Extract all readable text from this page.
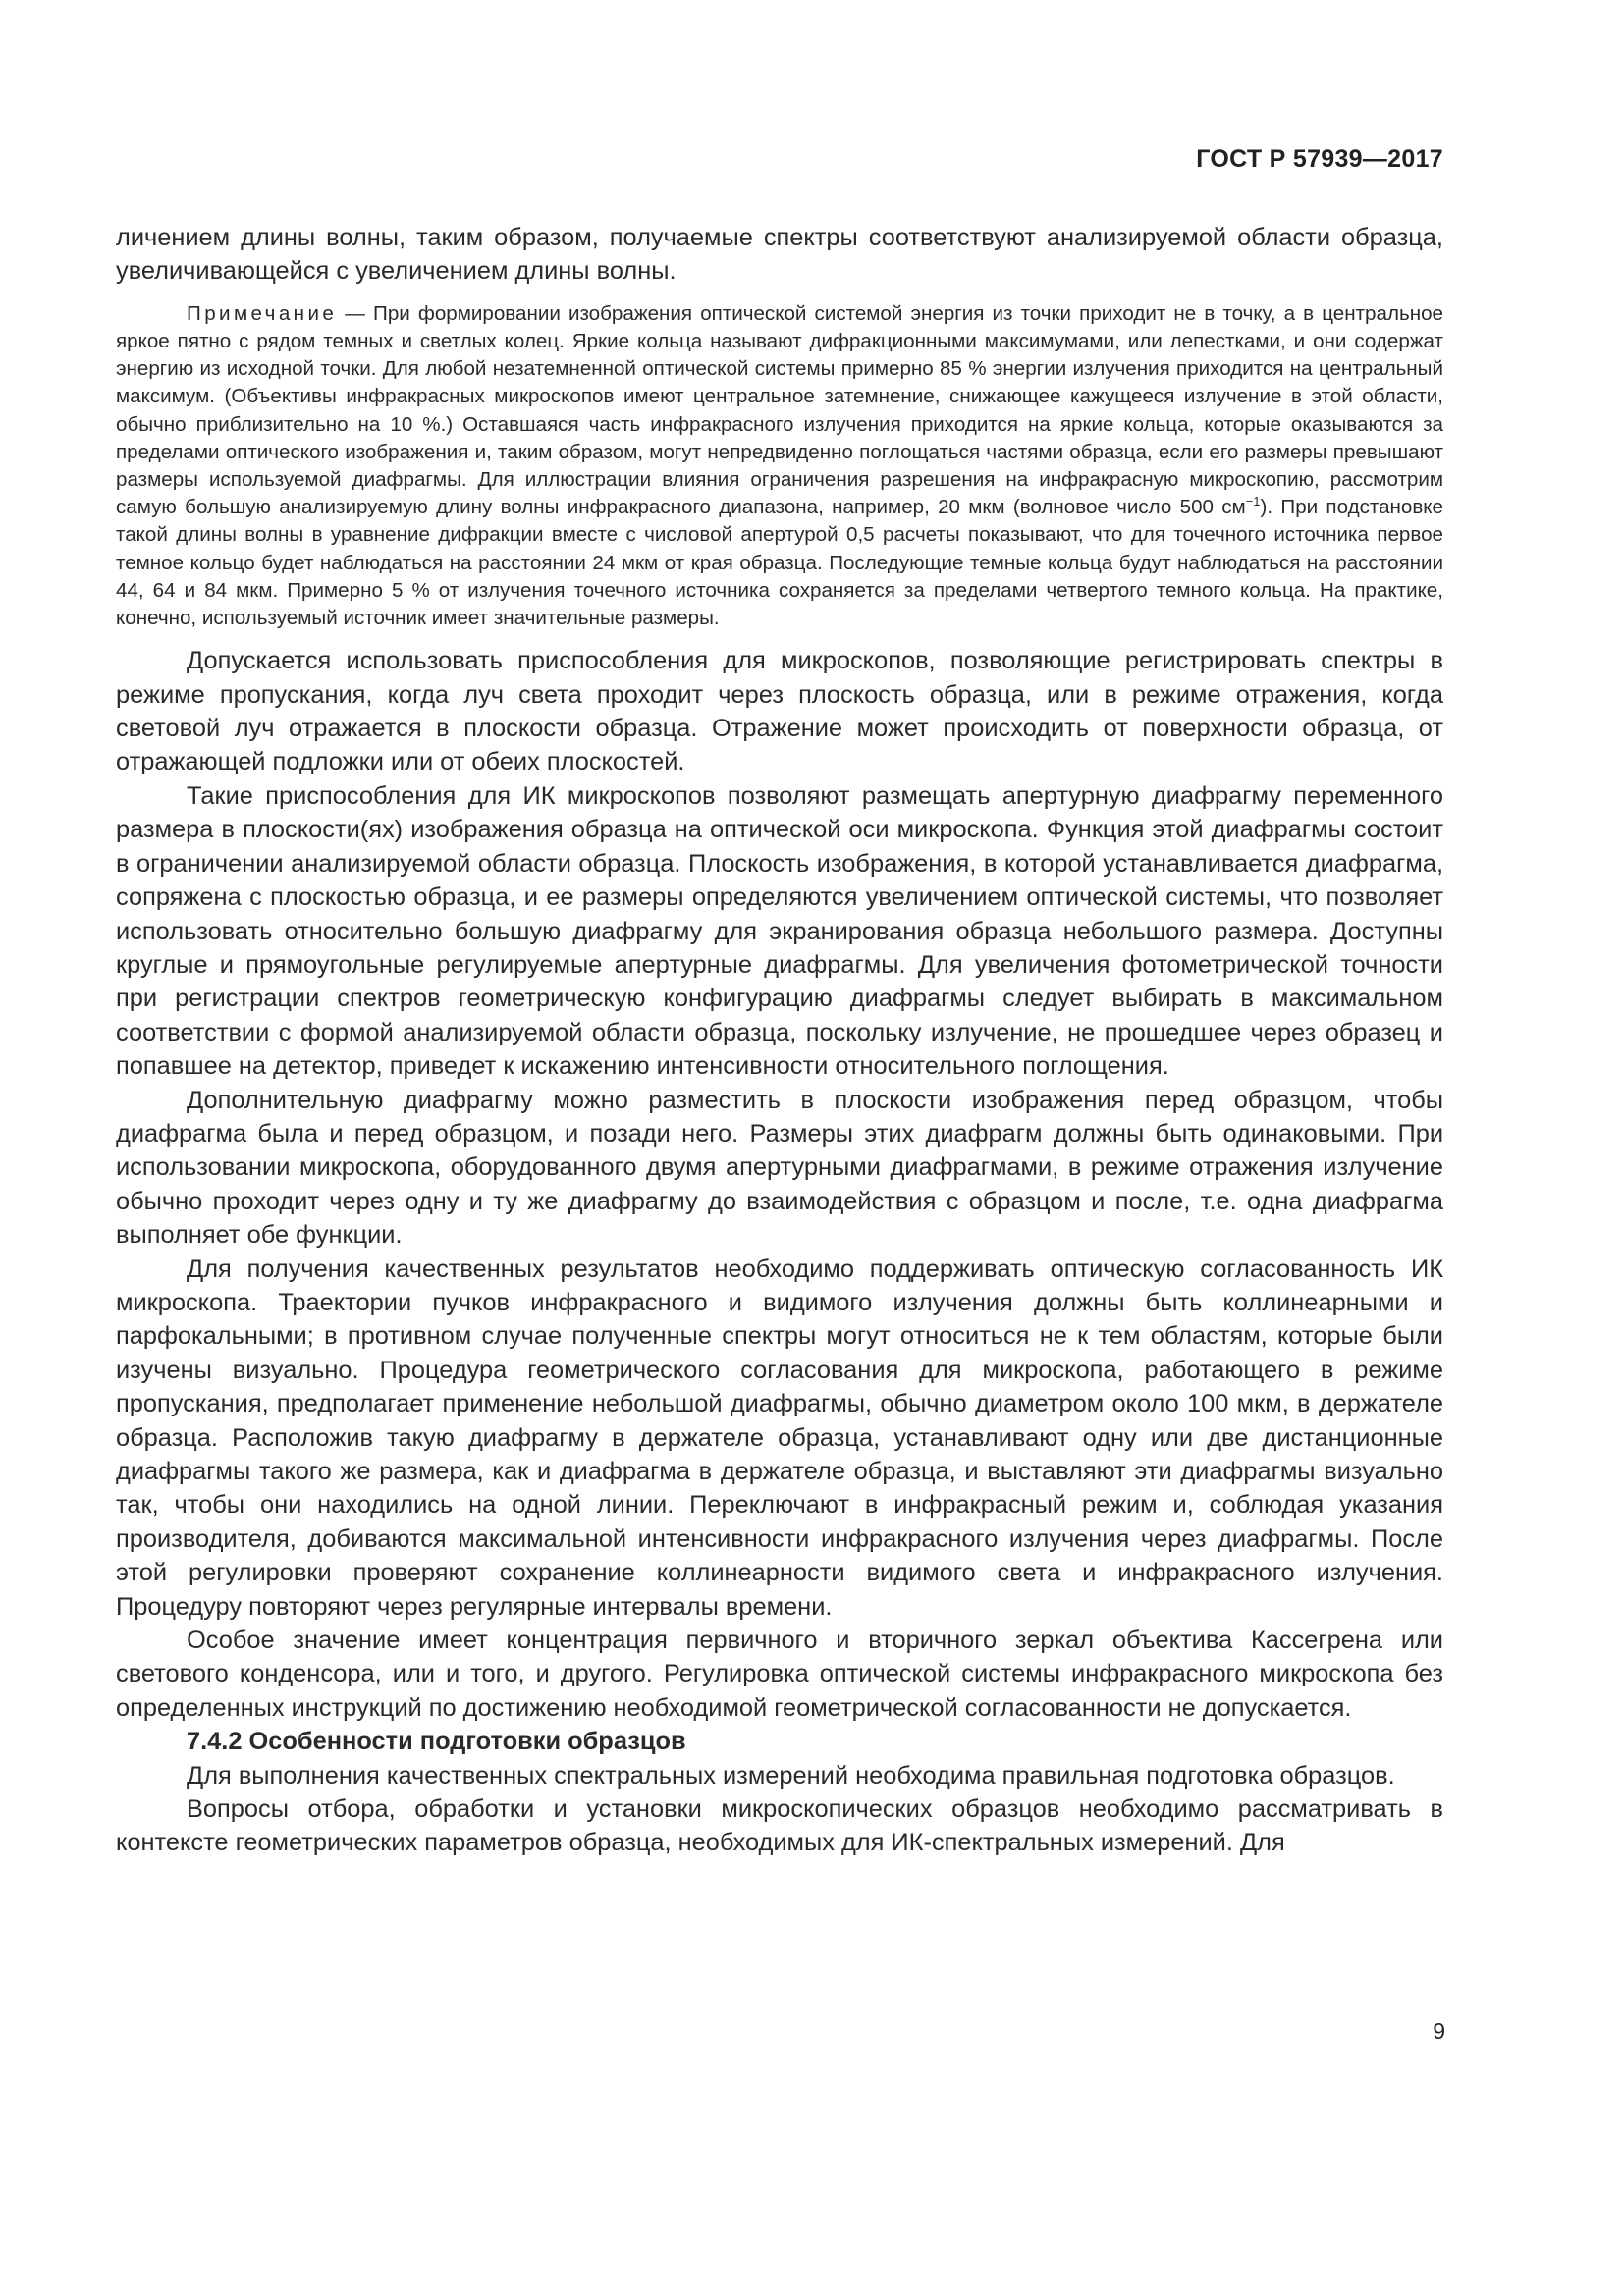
ГОСТ Р 57939—2017

личением длины волны, таким образом, получаемые спектры соответствуют анализируемой области образца, увеличивающейся с увеличением длины волны.

Примечание — При формировании изображения оптической системой энергия из точки приходит не в точку, а в центральное яркое пятно с рядом темных и светлых колец. Яркие кольца называют дифракционными максимумами, или лепестками, и они содержат энергию из исходной точки. Для любой незатемненной оптической системы примерно 85 % энергии излучения приходится на центральный максимум. (Объективы инфракрасных микроскопов имеют центральное затемнение, снижающее кажущееся излучение в этой области, обычно приблизительно на 10 %.) Оставшаяся часть инфракрасного излучения приходится на яркие кольца, которые оказываются за пределами оптического изображения и, таким образом, могут непредвиденно поглощаться частями образца, если его размеры превышают размеры используемой диафрагмы. Для иллюстрации влияния ограничения разрешения на инфракрасную микроскопию, рассмотрим самую большую анализируемую длину волны инфракрасного диапазона, например, 20 мкм (волновое число 500 $см^{-1}$). При подстановке такой длины волны в уравнение дифракции вместе с числовой апертурой 0,5 расчеты показывают, что для точечного источника первое темное кольцо будет наблюдаться на расстоянии 24 мкм от края образца. Последующие темные кольца будут наблюдаться на расстоянии 44, 64 и 84 мкм. Примерно 5 % от излучения точечного источника сохраняется за пределами четвертого темного кольца. На практике, конечно, используемый источник имеет значительные размеры.

Допускается использовать приспособления для микроскопов, позволяющие регистрировать спектры в режиме пропускания, когда луч света проходит через плоскость образца, или в режиме отражения, когда световой луч отражается в плоскости образца. Отражение может происходить от поверхности образца, от отражающей подложки или от обеих плоскостей.

Такие приспособления для ИК микроскопов позволяют размещать апертурную диафрагму переменного размера в плоскости(ях) изображения образца на оптической оси микроскопа. Функция этой диафрагмы состоит в ограничении анализируемой области образца. Плоскость изображения, в которой устанавливается диафрагма, сопряжена с плоскостью образца, и ее размеры определяются увеличением оптической системы, что позволяет использовать относительно большую диафрагму для экранирования образца небольшого размера. Доступны круглые и прямоугольные регулируемые апертурные диафрагмы. Для увеличения фотометрической точности при регистрации спектров геометрическую конфигурацию диафрагмы следует выбирать в максимальном соответствии с формой анализируемой области образца, поскольку излучение, не прошедшее через образец и попавшее на детектор, приведет к искажению интенсивности относительного поглощения.

Дополнительную диафрагму можно разместить в плоскости изображения перед образцом, чтобы диафрагма была и перед образцом, и позади него. Размеры этих диафрагм должны быть одинаковыми. При использовании микроскопа, оборудованного двумя апертурными диафрагмами, в режиме отражения излучение обычно проходит через одну и ту же диафрагму до взаимодействия с образцом и после, т.е. одна диафрагма выполняет обе функции.

Для получения качественных результатов необходимо поддерживать оптическую согласованность ИК микроскопа. Траектории пучков инфракрасного и видимого излучения должны быть коллинеарными и парфокальными; в противном случае полученные спектры могут относиться не к тем областям, которые были изучены визуально. Процедура геометрического согласования для микроскопа, работающего в режиме пропускания, предполагает применение небольшой диафрагмы, обычно диаметром около 100 мкм, в держателе образца. Расположив такую диафрагму в держателе образца, устанавливают одну или две дистанционные диафрагмы такого же размера, как и диафрагма в держателе образца, и выставляют эти диафрагмы визуально так, чтобы они находились на одной линии. Переключают в инфракрасный режим и, соблюдая указания производителя, добиваются максимальной интенсивности инфракрасного излучения через диафрагмы. После этой регулировки проверяют сохранение коллинеарности видимого света и инфракрасного излучения. Процедуру повторяют через регулярные интервалы времени.

Особое значение имеет концентрация первичного и вторичного зеркал объектива Кассегрена или светового конденсора, или и того, и другого. Регулировка оптической системы инфракрасного микроскопа без определенных инструкций по достижению необходимой геометрической согласованности не допускается.

7.4.2 Особенности подготовки образцов

Для выполнения качественных спектральных измерений необходима правильная подготовка образцов.

Вопросы отбора, обработки и установки микроскопических образцов необходимо рассматривать в контексте геометрических параметров образца, необходимых для ИК-спектральных измерений. Для

9
